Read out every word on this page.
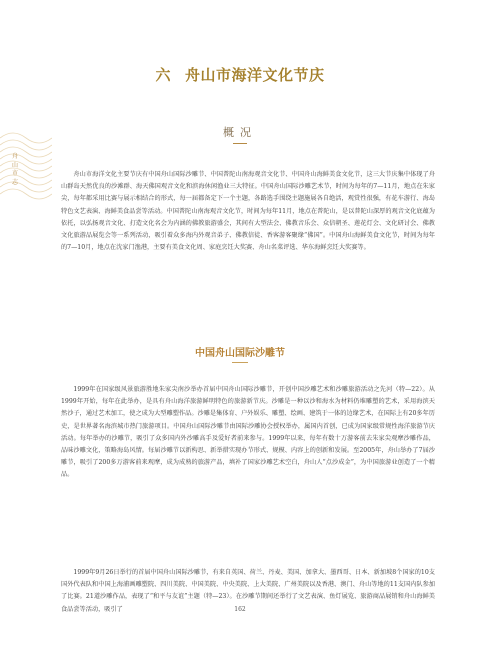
舟山市志
六 舟山市海洋文化节庆
概况

舟山市海洋文化主要节庆有中国舟山国际沙雕节、中国普陀山南海观音文化节、中国舟山海鲜美食文化节，这三大节庆集中体现了舟山群岛天然优良的沙滩群、海天佛国观音文化和滨海休闲渔业三大特征。中国舟山国际沙雕艺术节，时间为每年的7—11月，地点在朱家尖，每年都采用比赛与展示相结合的形式，每一届都备定下一个主题，各路选手围绕主题施展各自绝活，观赏性很强，有花车游行、海岛特色文艺表演、海鲜美食品尝等活动。中国普陀山南海观音文化节，时间为每年11月，地点在普陀山，是以普陀山深厚的观音文化底蕴为依托，以弘扬观音文化、打造文化名会为内涵的佛教旅游盛会，其间有大型法会、佛教音乐会、众信朝圣、莲花灯会、文化研讨会、佛教文化旅游品展览会等一系列活动，吸引着众多海内外观音弟子、佛教信徒、香客游客聚缘“佛国”。中国舟山海鲜美食文化节，时间为每年的7—10月，地点在沈家门渔港，主要有美食文化周、家庭烹饪大奖赛、舟山名菜评选、华东海鲜烹饪大奖赛等。

中国舟山国际沙雕节

1999年在国家级风景旅游胜地朱家尖南沙举办首届中国舟山国际沙雕节，开创中国沙雕艺术和沙雕旅游活动之先河（特—22）。从1999年开始，每年在此举办，是具有舟山海洋旅游鲜明特色的旅游新节庆。沙雕是一种以沙和海水为材料仍堆雕塑的艺术，采用海滨天然沙子，通过艺术加工，使之成为大型雕塑作品。沙雕是集体育、户外娱乐、雕塑、绘画、建筑于一体的边缘艺术，在国际上有20多年历史，是世界著名海滨城市热门旅游项目。中国舟山国际沙雕节由国际沙雕协会授权举办，属国内首创，已成为国家级常规性海洋旅游节庆活动。每年举办的沙雕节，吸引了众多国内外沙雕高手及爱好者前来参与。1999年以来，每年有数十万游客前去朱家尖观摩沙雕作品，品味沙雕文化，策略海岛风情。每届沙雕节以新构思、新举措实现办节形式、规模、内容上的创新和发展。至2005年，舟山举办了7届沙雕节，吸引了200多万游客前来观摩，成为成熟的旅游产品，填补了国家沙雕艺术空白，舟山人“点沙成金”，为中国旅游业创造了一个精品。

1999年9月26日举行的首届中国舟山国际沙雕节，有来自英国、荷兰、丹麦、美国、加拿大、墨西哥、日本、新加坡8个国家的10支国外代表队和中国上海浦画雕塑院、四川美院、中国美院、中央美院、上大美院、广州美院以及香港、澳门、舟山等地的11支国内队参加了比赛。21道沙雕作品，表现了“和平与友谊”主题（特—23）。在沙雕节期间还举行了文艺表演、鱼灯展览、旅游商品展销和舟山海鲜美食品尝等活动，吸引了	162
